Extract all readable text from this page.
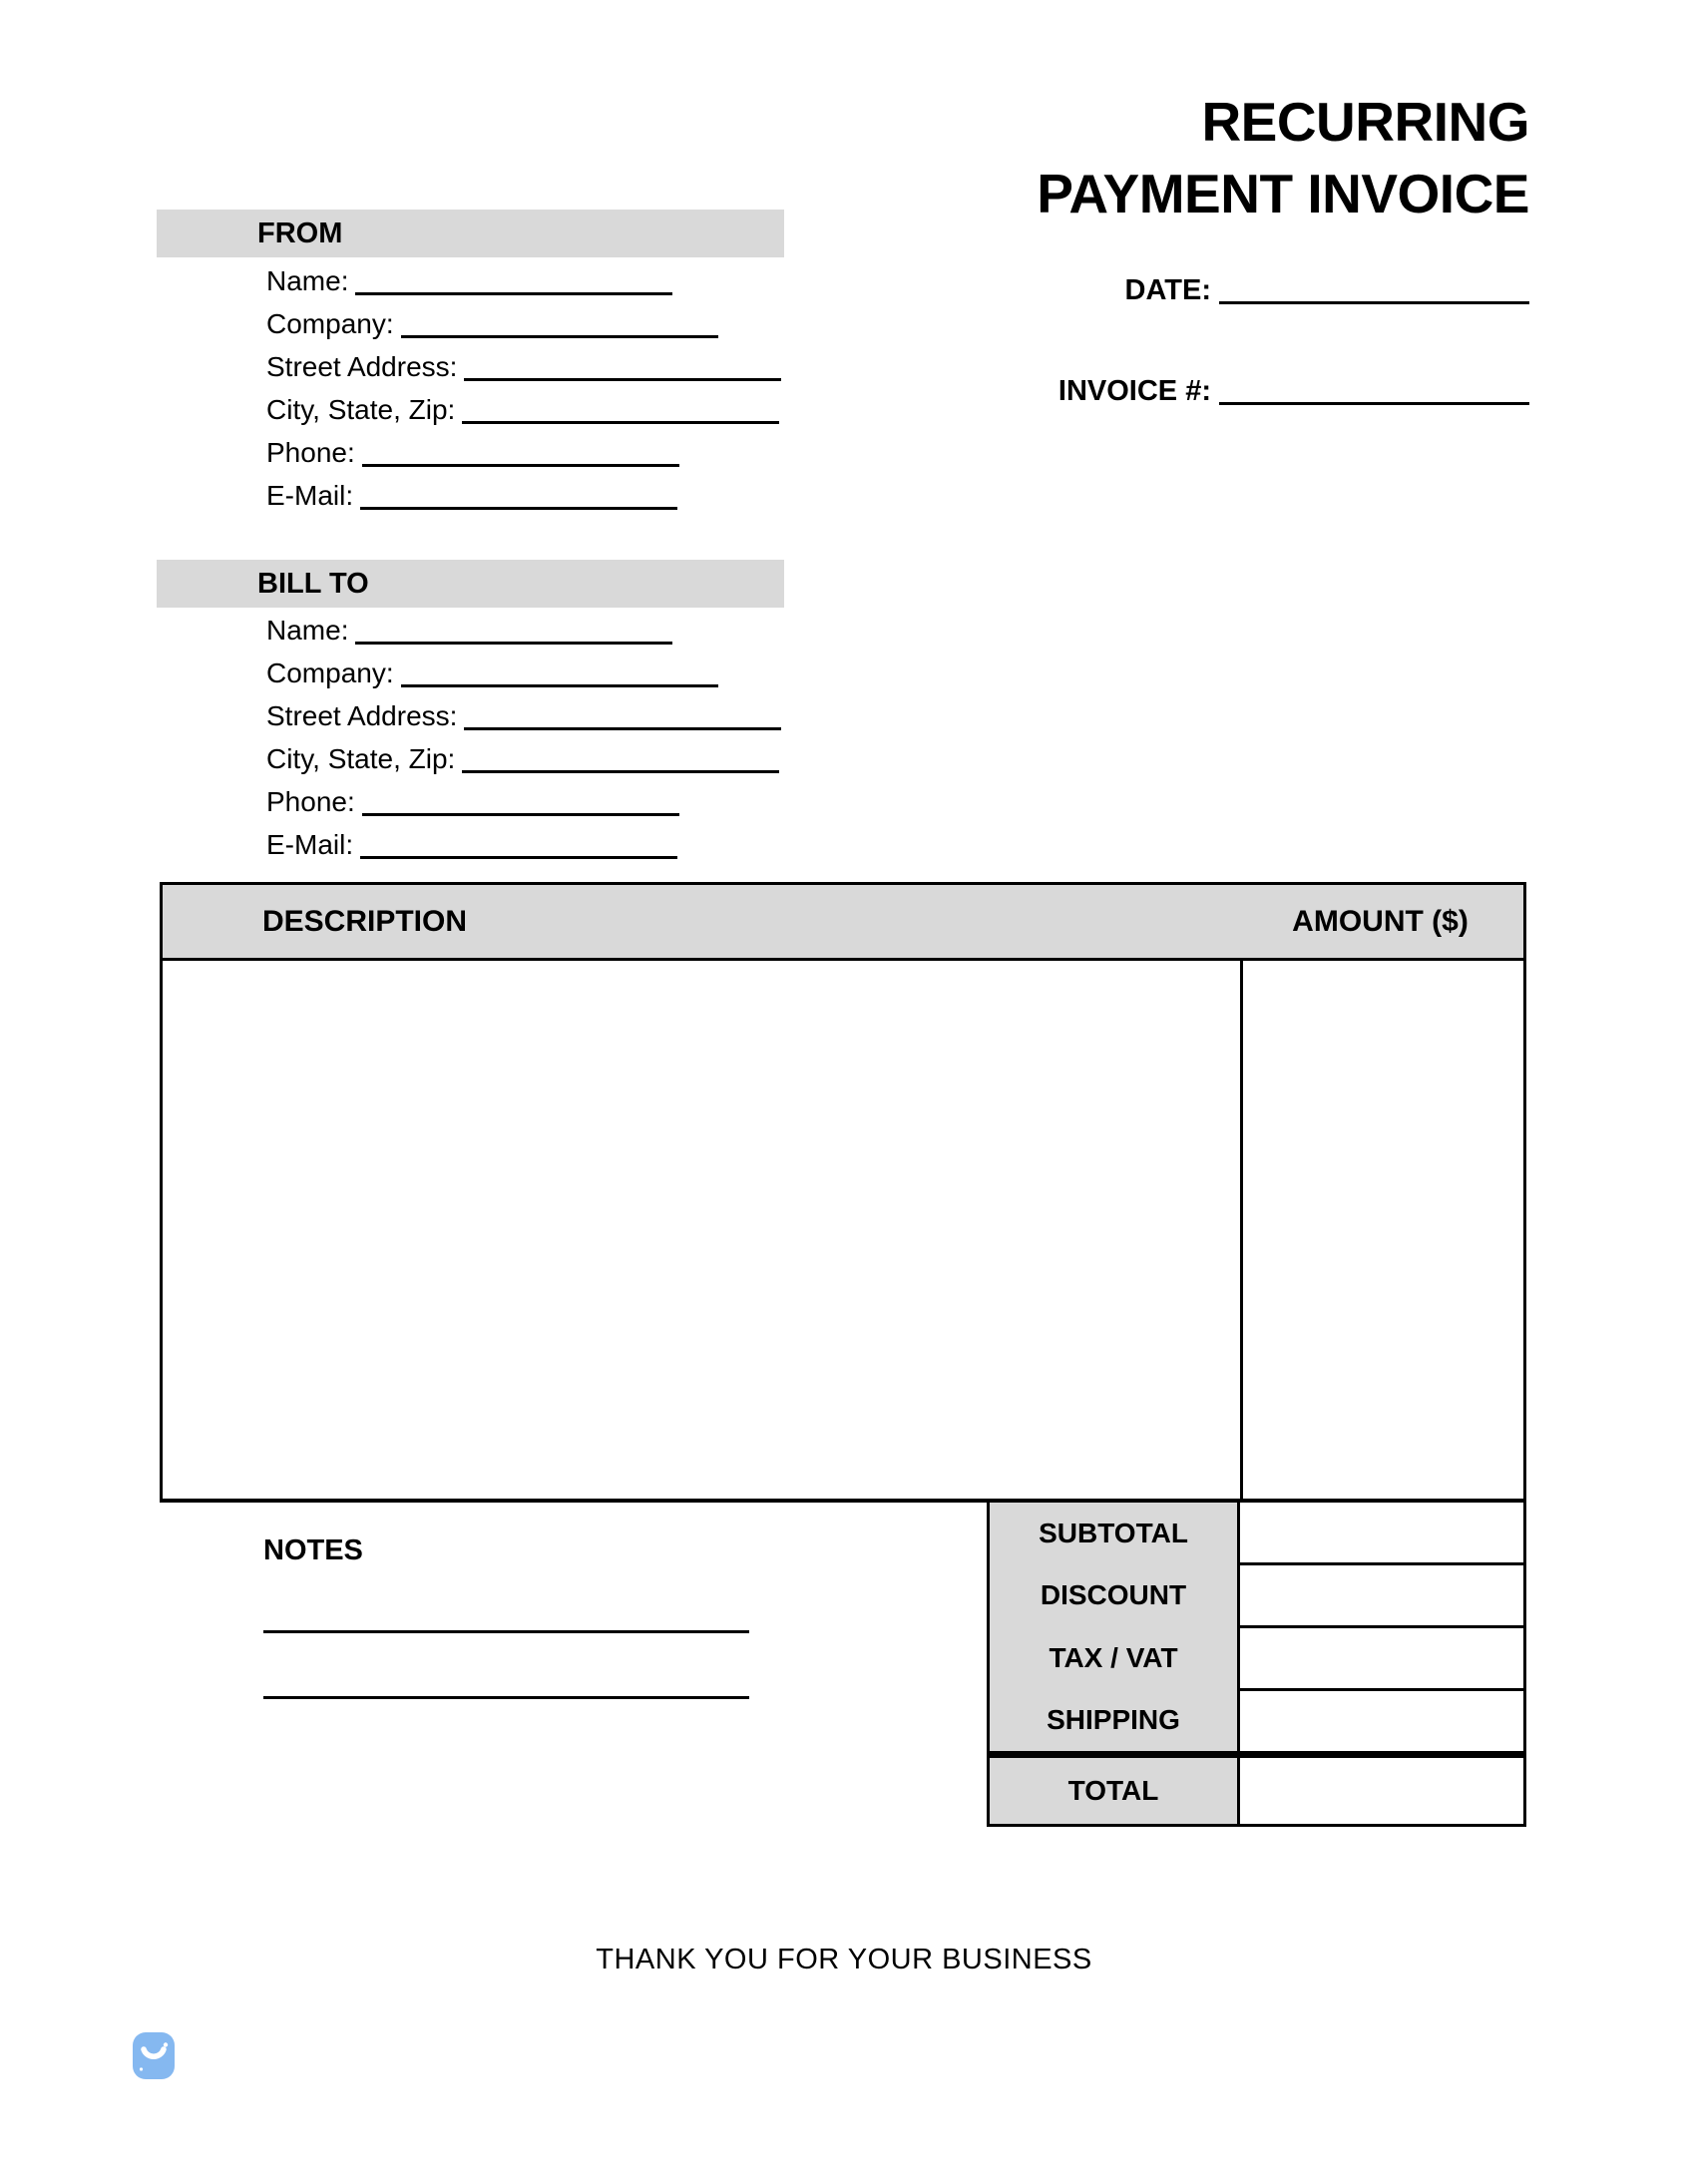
RECURRING
PAYMENT INVOICE
FROM
Name:
Company:
Street Address:
City, State, Zip:
Phone:
E-Mail:
DATE:
INVOICE #:
BILL TO
Name:
Company:
Street Address:
City, State, Zip:
Phone:
E-Mail:
DESCRIPTION	AMOUNT ($)
SUBTOTAL
DISCOUNT
TAX / VAT
SHIPPING
TOTAL
NOTES
THANK YOU FOR YOUR BUSINESS
